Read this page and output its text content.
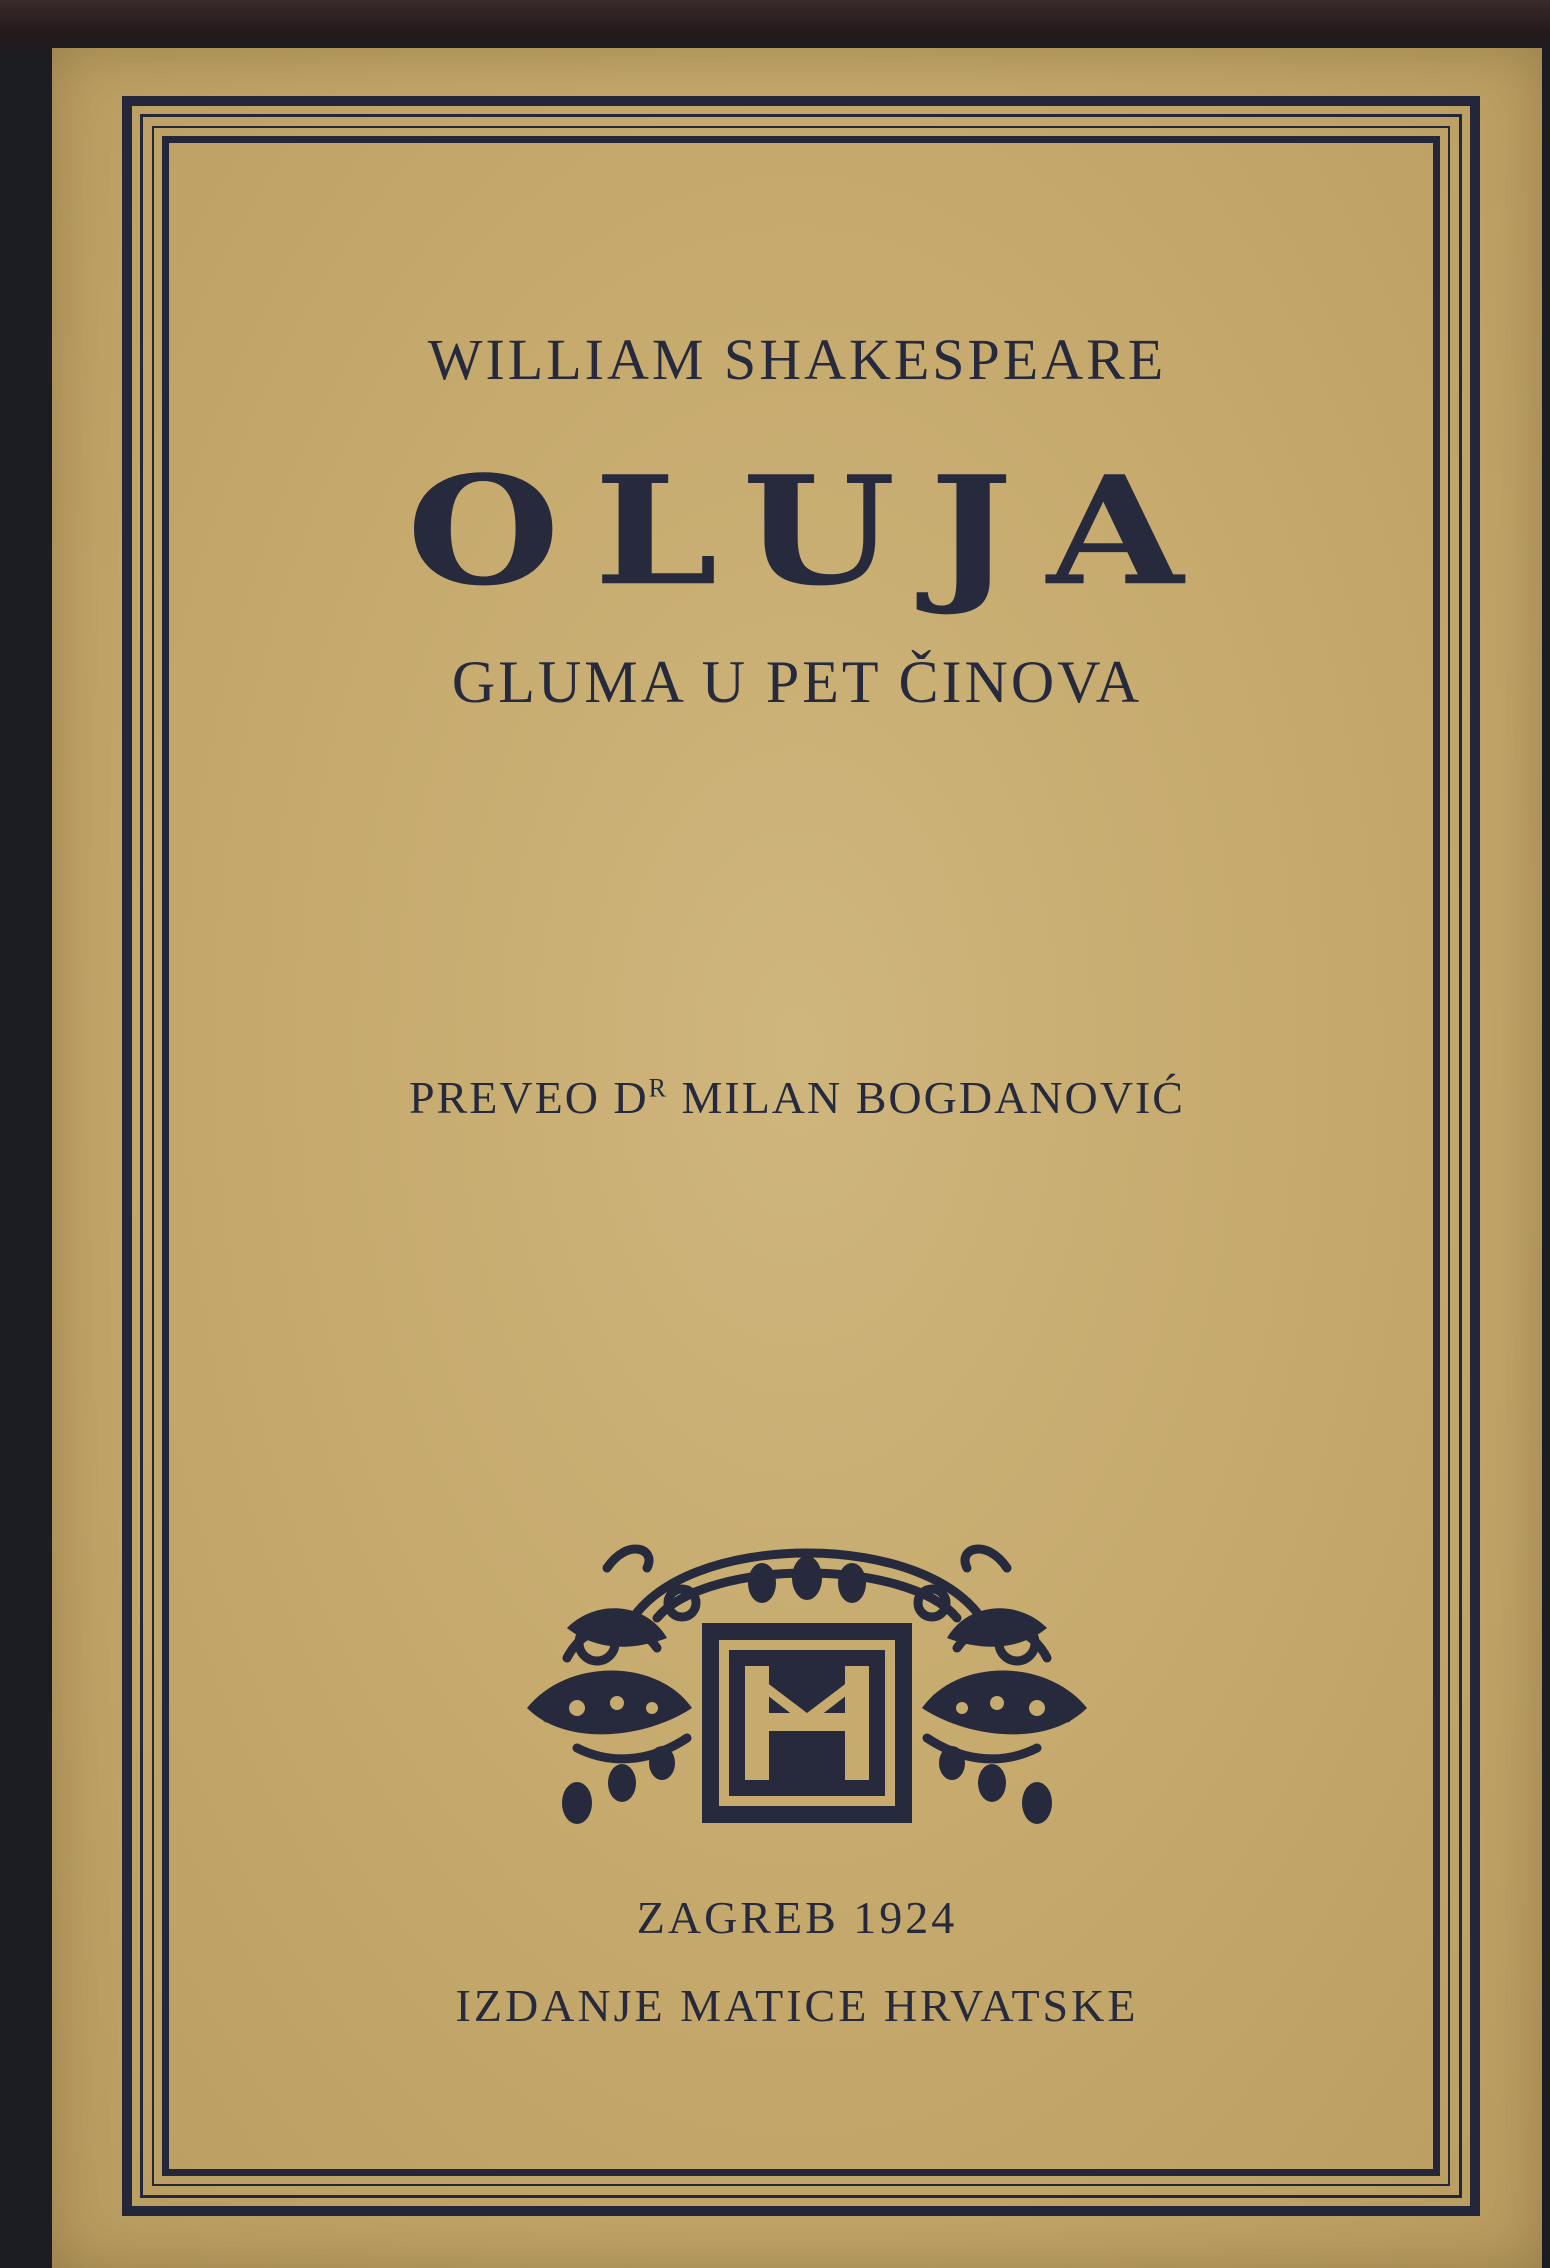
WILLIAM SHAKESPEARE

OLUJA

GLUMA U PET ČINOVA

PREVEO $D^R$ MILAN BOGDANOVIĆ

ZAGREB 1924

IZDANJE MATICE HRVATSKE
